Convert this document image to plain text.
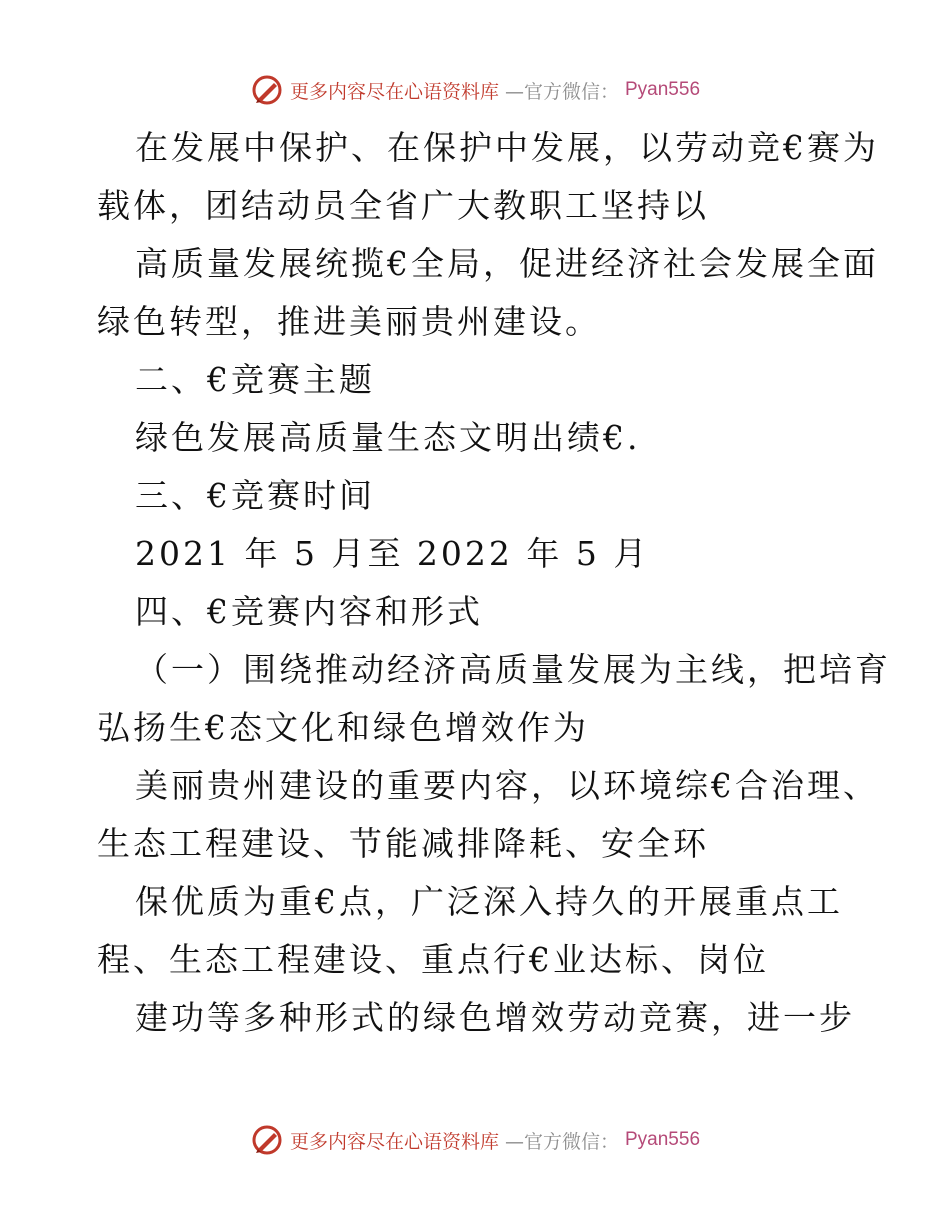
更多内容尽在心语资料库 —官方微信： Pyan556
在发展中保护、在保护中发展，以劳动竞€赛为
载体，团结动员全省广大教职工坚持以
高质量发展统揽€全局，促进经济社会发展全面
绿色转型，推进美丽贵州建设。
二、€竞赛主题
绿色发展高质量生态文明出绩€.
三、€竞赛时间
2021 年 5 月至 2022 年 5 月
四、€竞赛内容和形式
（一）围绕推动经济高质量发展为主线，把培育
弘扬生€态文化和绿色增效作为
美丽贵州建设的重要内容，以环境综€合治理、
生态工程建设、节能减排降耗、安全环
保优质为重€点，广泛深入持久的开展重点工
程、生态工程建设、重点行€业达标、岗位
建功等多种形式的绿色增效劳动竞赛，进一步
更多内容尽在心语资料库 —官方微信： Pyan556
